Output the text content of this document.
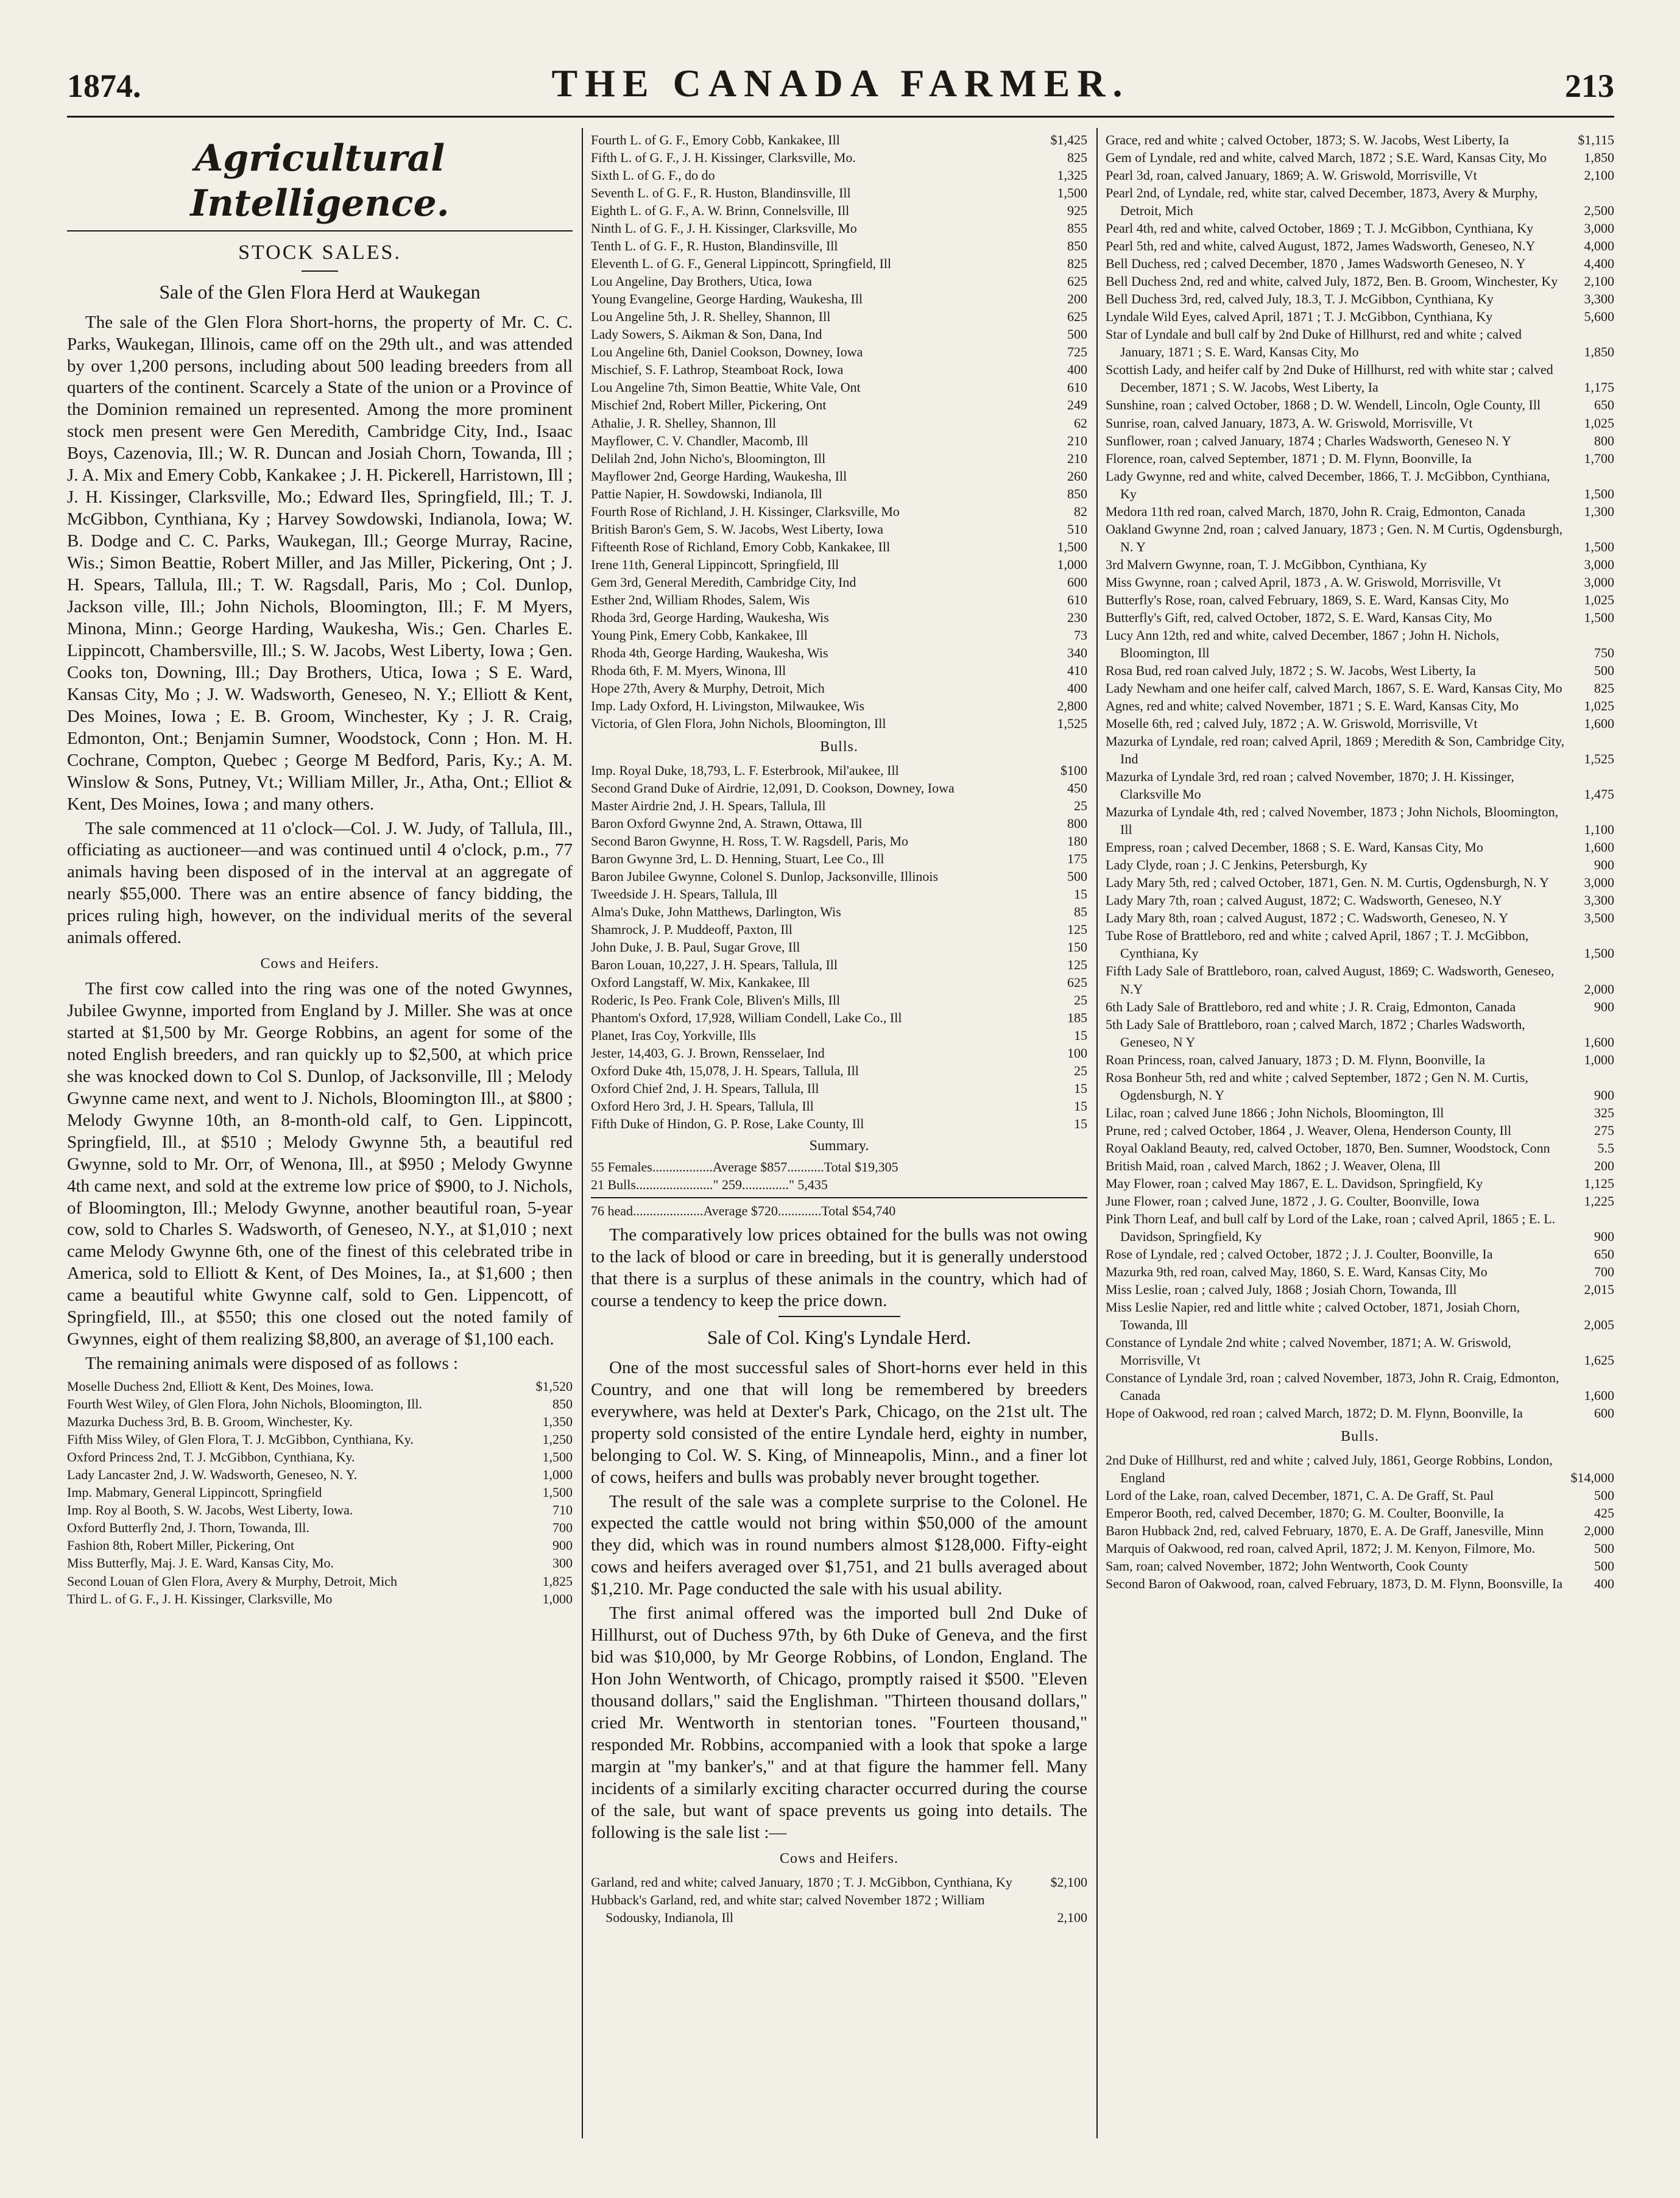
1874.	THE CANADA FARMER.	213
Agricultural Intelligence.
STOCK SALES.
Sale of the Glen Flora Herd at Waukegan

The sale of the Glen Flora Short-horns, the property of Mr. C. C. Parks, Waukegan, Illinois, came off on the 29th ult., and was attended by over 1,200 persons, including about 500 leading breeders from all quarters of the continent. Scarcely a State of the union or a Province of the Dominion remained un represented. Among the more prominent stock men present were Gen Meredith, Cambridge City, Ind., Isaac Boys, Cazenovia, Ill.; W. R. Duncan and Josiah Chorn, Towanda, Ill ; J. A. Mix and Emery Cobb, Kankakee ; J. H. Pickerell, Harristown, Ill ; J. H. Kissinger, Clarksville, Mo.; Edward Iles, Springfield, Ill.; T. J. McGibbon, Cynthiana, Ky ; Harvey Sowdowski, Indianola, Iowa; W. B. Dodge and C. C. Parks, Waukegan, Ill.; George Murray, Racine, Wis.; Simon Beattie, Robert Miller, and Jas Miller, Pickering, Ont ; J. H. Spears, Tallula, Ill.; T. W. Ragsdall, Paris, Mo ; Col. Dunlop, Jackson ville, Ill.; John Nichols, Bloomington, Ill.; F. M Myers, Minona, Minn.; George Harding, Waukesha, Wis.; Gen. Charles E. Lippincott, Chambersville, Ill.; S. W. Jacobs, West Liberty, Iowa ; Gen. Cooks ton, Downing, Ill.; Day Brothers, Utica, Iowa ; S E. Ward, Kansas City, Mo ; J. W. Wadsworth, Geneseo, N. Y.; Elliott & Kent, Des Moines, Iowa ; E. B. Groom, Winchester, Ky ; J. R. Craig, Edmonton, Ont.; Benjamin Sumner, Woodstock, Conn ; Hon. M. H. Cochrane, Compton, Quebec ; George M Bedford, Paris, Ky.; A. M. Winslow & Sons, Putney, Vt.; William Miller, Jr., Atha, Ont.; Elliot & Kent, Des Moines, Iowa ; and many others.

The sale commenced at 11 o'clock—Col. J. W. Judy, of Tallula, Ill., officiating as auctioneer—and was continued until 4 o'clock, p.m., 77 animals having been disposed of in the interval at an aggregate of nearly $55,000. There was an entire absence of fancy bidding, the prices ruling high, however, on the individual merits of the several animals offered.

Cows and Heifers.

The first cow called into the ring was one of the noted Gwynnes, Jubilee Gwynne, imported from England by J. Miller. She was at once started at $1,500 by Mr. George Robbins, an agent for some of the noted English breeders, and ran quickly up to $2,500, at which price she was knocked down to Col S. Dunlop, of Jacksonville, Ill ; Melody Gwynne came next, and went to J. Nichols, Bloomington Ill., at $800 ; Melody Gwynne 10th, an 8-month-old calf, to Gen. Lippincott, Springfield, Ill., at $510 ; Melody Gwynne 5th, a beautiful red Gwynne, sold to Mr. Orr, of Wenona, Ill., at $950 ; Melody Gwynne 4th came next, and sold at the extreme low price of $900, to J. Nichols, of Bloomington, Ill.; Melody Gwynne, another beautiful roan, 5-year cow, sold to Charles S. Wadsworth, of Geneseo, N.Y., at $1,010 ; next came Melody Gwynne 6th, one of the finest of this celebrated tribe in America, sold to Elliott & Kent, of Des Moines, Ia., at $1,600 ; then came a beautiful white Gwynne calf, sold to Gen. Lippencott, of Springfield, Ill., at $550; this one closed out the noted family of Gwynnes, eight of them realizing $8,800, an average of $1,100 each.

The remaining animals were disposed of as follows :

Moselle Duchess 2nd, Elliott & Kent, Des Moines, Iowa.	$1,520
Fourth West Wiley, of Glen Flora, John Nichols, Bloomington, Ill.	850
Mazurka Duchess 3rd, B. B. Groom, Winchester, Ky.	1,350
Fifth Miss Wiley, of Glen Flora, T. J. McGibbon, Cynthiana, Ky.	1,250
Oxford Princess 2nd, T. J. McGibbon, Cynthiana, Ky.	1,500
Lady Lancaster 2nd, J. W. Wadsworth, Geneseo, N. Y.	1,000
Imp. Mabmary, General Lippincott, Springfield	1,500
Imp. Roy al Booth, S. W. Jacobs, West Liberty, Iowa.	710
Oxford Butterfly 2nd, J. Thorn, Towanda, Ill.	700
Fashion 8th, Robert Miller, Pickering, Ont	900
Miss Butterfly, Maj. J. E. Ward, Kansas City, Mo.	300
Second Louan of Glen Flora, Avery & Murphy, Detroit, Mich	1,825
Third L. of G. F., J. H. Kissinger, Clarksville, Mo	1,000
Fourth L. of G. F., Emory Cobb, Kankakee, Ill	$1,425
Fifth L. of G. F., J. H. Kissinger, Clarksville, Mo.	825
Sixth L. of G. F., do do	1,325
Seventh L. of G. F., R. Huston, Blandinsville, Ill	1,500
Eighth L. of G. F., A. W. Brinn, Connelsville, Ill	925
Ninth L. of G. F., J. H. Kissinger, Clarksville, Mo	855
Tenth L. of G. F., R. Huston, Blandinsville, Ill	850
Eleventh L. of G. F., General Lippincott, Springfield, Ill	825
Lou Angeline, Day Brothers, Utica, Iowa	625
Young Evangeline, George Harding, Waukesha, Ill	200
Lou Angeline 5th, J. R. Shelley, Shannon, Ill	625
Lady Sowers, S. Aikman & Son, Dana, Ind	500
Lou Angeline 6th, Daniel Cookson, Downey, Iowa	725
Mischief, S. F. Lathrop, Steamboat Rock, Iowa	400
Lou Angeline 7th, Simon Beattie, White Vale, Ont	610
Mischief 2nd, Robert Miller, Pickering, Ont	249
Athalie, J. R. Shelley, Shannon, Ill	62
Mayflower, C. V. Chandler, Macomb, Ill	210
Delilah 2nd, John Nicho's, Bloomington, Ill	210
Mayflower 2nd, George Harding, Waukesha, Ill	260
Pattie Napier, H. Sowdowski, Indianola, Ill	850
Fourth Rose of Richland, J. H. Kissinger, Clarksville, Mo	82
British Baron's Gem, S. W. Jacobs, West Liberty, Iowa	510
Fifteenth Rose of Richland, Emory Cobb, Kankakee, Ill	1,500
Irene 11th, General Lippincott, Springfield, Ill	1,000
Gem 3rd, General Meredith, Cambridge City, Ind	600
Esther 2nd, William Rhodes, Salem, Wis	610
Rhoda 3rd, George Harding, Waukesha, Wis	230
Young Pink, Emery Cobb, Kankakee, Ill	73
Rhoda 4th, George Harding, Waukesha, Wis	340
Rhoda 6th, F. M. Myers, Winona, Ill	410
Hope 27th, Avery & Murphy, Detroit, Mich	400
Imp. Lady Oxford, H. Livingston, Milwaukee, Wis	2,800
Victoria, of Glen Flora, John Nichols, Bloomington, Ill	1,525
Bulls.
Imp. Royal Duke, 18,793, L. F. Esterbrook, Mil'aukee, Ill	$100
Second Grand Duke of Airdrie, 12,091, D. Cookson, Downey, Iowa	450
Master Airdrie 2nd, J. H. Spears, Tallula, Ill	25
Baron Oxford Gwynne 2nd, A. Strawn, Ottawa, Ill	800
Second Baron Gwynne, H. Ross, T. W. Ragsdell, Paris, Mo	180
Baron Gwynne 3rd, L. D. Henning, Stuart, Lee Co., Ill	175
Baron Jubilee Gwynne, Colonel S. Dunlop, Jacksonville, Illinois	500
Tweedside J. H. Spears, Tallula, Ill	15
Alma's Duke, John Matthews, Darlington, Wis	85
Shamrock, J. P. Muddeoff, Paxton, Ill	125
John Duke, J. B. Paul, Sugar Grove, Ill	150
Baron Louan, 10,227, J. H. Spears, Tallula, Ill	125
Oxford Langstaff, W. Mix, Kankakee, Ill	625
Roderic, Is Peo. Frank Cole, Bliven's Mills, Ill	25
Phantom's Oxford, 17,928, William Condell, Lake Co., Ill	185
Planet, Iras Coy, Yorkville, Ills	15
Jester, 14,403, G. J. Brown, Rensselaer, Ind	100
Oxford Duke 4th, 15,078, J. H. Spears, Tallula, Ill	25
Oxford Chief 2nd, J. H. Spears, Tallula, Ill	15
Oxford Hero 3rd, J. H. Spears, Tallula, Ill	15
Fifth Duke of Hindon, G. P. Rose, Lake County, Ill	15
Summary.
55 Females..................Average $857...........Total $19,305
21 Bulls......................." 259.............." 5,435
76 head.....................Average $720.............Total $54,740

The comparatively low prices obtained for the bulls was not owing to the lack of blood or care in breeding, but it is generally understood that there is a surplus of these animals in the country, which had of course a tendency to keep the price down.

Sale of Col. King's Lyndale Herd.

One of the most successful sales of Short-horns ever held in this Country, and one that will long be remembered by breeders everywhere, was held at Dexter's Park, Chicago, on the 21st ult. The property sold consisted of the entire Lyndale herd, eighty in number, belonging to Col. W. S. King, of Minneapolis, Minn., and a finer lot of cows, heifers and bulls was probably never brought together.

The result of the sale was a complete surprise to the Colonel. He expected the cattle would not bring within $50,000 of the amount they did, which was in round numbers almost $128,000. Fifty-eight cows and heifers averaged over $1,751, and 21 bulls averaged about $1,210. Mr. Page conducted the sale with his usual ability.

The first animal offered was the imported bull 2nd Duke of Hillhurst, out of Duchess 97th, by 6th Duke of Geneva, and the first bid was $10,000, by Mr George Robbins, of London, England. The Hon John Wentworth, of Chicago, promptly raised it $500. "Eleven thousand dollars," said the Englishman. "Thirteen thousand dollars," cried Mr. Wentworth in stentorian tones. "Fourteen thousand," responded Mr. Robbins, accompanied with a look that spoke a large margin at "my banker's," and at that figure the hammer fell. Many incidents of a similarly exciting character occurred during the course of the sale, but want of space prevents us going into details. The following is the sale list :—

Cows and Heifers.
Garland, red and white; calved January, 1870 ; T. J. McGibbon, Cynthiana, Ky	$2,100
Hubback's Garland, red, and white star; calved November 1872 ; William Sodousky, Indianola, Ill	2,100
Grace, red and white ; calved October, 1873; S. W. Jacobs, West Liberty, Ia	$1,115
Gem of Lyndale, red and white, calved March, 1872 ; S.E. Ward, Kansas City, Mo	1,850
Pearl 3d, roan, calved January, 1869; A. W. Griswold, Morrisville, Vt	2,100
Pearl 2nd, of Lyndale, red, white star, calved December, 1873, Avery & Murphy, Detroit, Mich	2,500
Pearl 4th, red and white, calved October, 1869 ; T. J. McGibbon, Cynthiana, Ky	3,000
Pearl 5th, red and white, calved August, 1872, James Wadsworth, Geneseo, N.Y	4,000
Bell Duchess, red ; calved December, 1870 , James Wadsworth Geneseo, N. Y	4,400
Bell Duchess 2nd, red and white, calved July, 1872, Ben. B. Groom, Winchester, Ky	2,100
Bell Duchess 3rd, red, calved July, 18.3, T. J. McGibbon, Cynthiana, Ky	3,300
Lyndale Wild Eyes, calved April, 1871 ; T. J. McGibbon, Cynthiana, Ky	5,600
Star of Lyndale and bull calf by 2nd Duke of Hillhurst, red and white ; calved January, 1871 ; S. E. Ward, Kansas City, Mo	1,850
Scottish Lady, and heifer calf by 2nd Duke of Hillhurst, red with white star ; calved December, 1871 ; S. W. Jacobs, West Liberty, Ia	1,175
Sunshine, roan ; calved October, 1868 ; D. W. Wendell, Lincoln, Ogle County, Ill	650
Sunrise, roan, calved January, 1873, A. W. Griswold, Morrisville, Vt	1,025
Sunflower, roan ; calved January, 1874 ; Charles Wadsworth, Geneseo N. Y	800
Florence, roan, calved September, 1871 ; D. M. Flynn, Boonville, Ia	1,700
Lady Gwynne, red and white, calved December, 1866, T. J. McGibbon, Cynthiana, Ky	1,500
Medora 11th red roan, calved March, 1870, John R. Craig, Edmonton, Canada	1,300
Oakland Gwynne 2nd, roan ; calved January, 1873 ; Gen. N. M Curtis, Ogdensburgh, N. Y	1,500
3rd Malvern Gwynne, roan, T. J. McGibbon, Cynthiana, Ky	3,000
Miss Gwynne, roan ; calved April, 1873 , A. W. Griswold, Morrisville, Vt	3,000
Butterfly's Rose, roan, calved February, 1869, S. E. Ward, Kansas City, Mo	1,025
Butterfly's Gift, red, calved October, 1872, S. E. Ward, Kansas City, Mo	1,500
Lucy Ann 12th, red and white, calved December, 1867 ; John H. Nichols, Bloomington, Ill	750
Rosa Bud, red roan calved July, 1872 ; S. W. Jacobs, West Liberty, Ia	500
Lady Newham and one heifer calf, calved March, 1867, S. E. Ward, Kansas City, Mo	825
Agnes, red and white; calved November, 1871 ; S. E. Ward, Kansas City, Mo	1,025
Moselle 6th, red ; calved July, 1872 ; A. W. Griswold, Morrisville, Vt	1,600
Mazurka of Lyndale, red roan; calved April, 1869 ; Meredith & Son, Cambridge City, Ind	1,525
Mazurka of Lyndale 3rd, red roan ; calved November, 1870; J. H. Kissinger, Clarksville Mo	1,475
Mazurka of Lyndale 4th, red ; calved November, 1873 ; John Nichols, Bloomington, Ill	1,100
Empress, roan ; calved December, 1868 ; S. E. Ward, Kansas City, Mo	1,600
Lady Clyde, roan ; J. C Jenkins, Petersburgh, Ky	900
Lady Mary 5th, red ; calved October, 1871, Gen. N. M. Curtis, Ogdensburgh, N. Y	3,000
Lady Mary 7th, roan ; calved August, 1872; C. Wadsworth, Geneseo, N.Y	3,300
Lady Mary 8th, roan ; calved August, 1872 ; C. Wadsworth, Geneseo, N. Y	3,500
Tube Rose of Brattleboro, red and white ; calved April, 1867 ; T. J. McGibbon, Cynthiana, Ky	1,500
Fifth Lady Sale of Brattleboro, roan, calved August, 1869; C. Wadsworth, Geneseo, N.Y	2,000
6th Lady Sale of Brattleboro, red and white ; J. R. Craig, Edmonton, Canada	900
5th Lady Sale of Brattleboro, roan ; calved March, 1872 ; Charles Wadsworth, Geneseo, N Y	1,600
Roan Princess, roan, calved January, 1873 ; D. M. Flynn, Boonville, Ia	1,000
Rosa Bonheur 5th, red and white ; calved September, 1872 ; Gen N. M. Curtis, Ogdensburgh, N. Y	900
Lilac, roan ; calved June 1866 ; John Nichols, Bloomington, Ill	325
Prune, red ; calved October, 1864 , J. Weaver, Olena, Henderson County, Ill	275
Royal Oakland Beauty, red, calved October, 1870, Ben. Sumner, Woodstock, Conn	5.5
British Maid, roan , calved March, 1862 ; J. Weaver, Olena, Ill	200
May Flower, roan ; calved May 1867, E. L. Davidson, Springfield, Ky	1,125
June Flower, roan ; calved June, 1872 , J. G. Coulter, Boonville, Iowa	1,225
Pink Thorn Leaf, and bull calf by Lord of the Lake, roan ; calved April, 1865 ; E. L. Davidson, Springfield, Ky	900
Rose of Lyndale, red ; calved October, 1872 ; J. J. Coulter, Boonville, Ia	650
Mazurka 9th, red roan, calved May, 1860, S. E. Ward, Kansas City, Mo	700
Miss Leslie, roan ; calved July, 1868 ; Josiah Chorn, Towanda, Ill	2,015
Miss Leslie Napier, red and little white ; calved October, 1871, Josiah Chorn, Towanda, Ill	2,005
Constance of Lyndale 2nd white ; calved November, 1871; A. W. Griswold, Morrisville, Vt	1,625
Constance of Lyndale 3rd, roan ; calved November, 1873, John R. Craig, Edmonton, Canada	1,600
Hope of Oakwood, red roan ; calved March, 1872; D. M. Flynn, Boonville, Ia	600
Bulls.
2nd Duke of Hillhurst, red and white ; calved July, 1861, George Robbins, London, England	$14,000
Lord of the Lake, roan, calved December, 1871, C. A. De Graff, St. Paul	500
Emperor Booth, red, calved December, 1870; G. M. Coulter, Boonville, Ia	425
Baron Hubback 2nd, red, calved February, 1870, E. A. De Graff, Janesville, Minn	2,000
Marquis of Oakwood, red roan, calved April, 1872; J. M. Kenyon, Filmore, Mo.	500
Sam, roan; calved November, 1872; John Wentworth, Cook County	500
Second Baron of Oakwood, roan, calved February, 1873, D. M. Flynn, Boonsville, Ia	400
